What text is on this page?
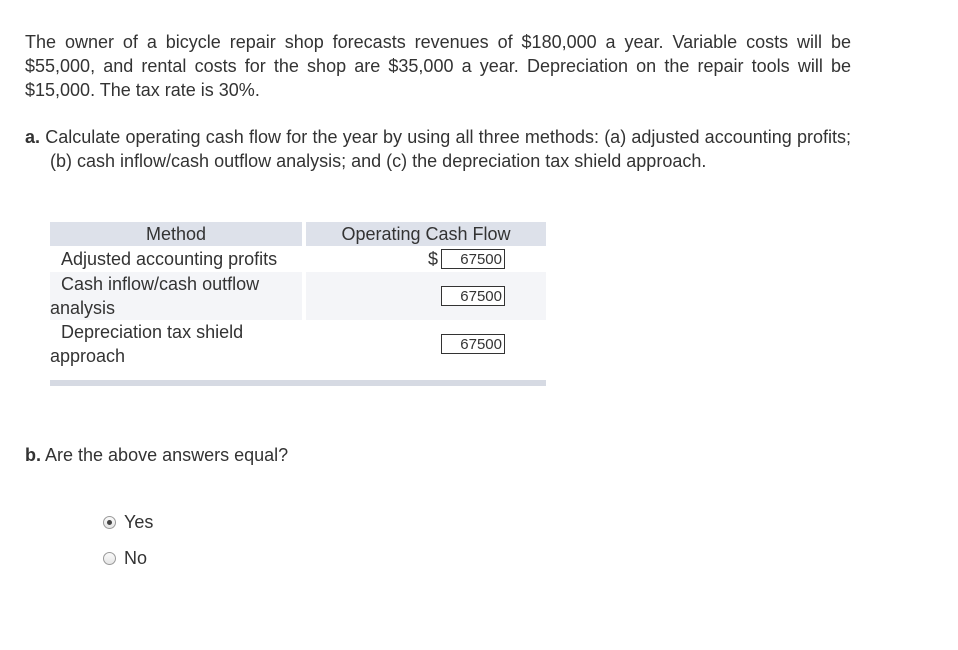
The owner of a bicycle repair shop forecasts revenues of $180,000 a year. Variable costs will be $55,000, and rental costs for the shop are $35,000 a year. Depreciation on the repair tools will be $15,000. The tax rate is 30%.

a. Calculate operating cash flow for the year by using all three methods: (a) adjusted accounting profits; (b) cash inflow/cash outflow analysis; and (c) the depreciation tax shield approach.

Method		Operating Cash Flow
Adjusted accounting profits		$ 67500

Cash inflow/cash outflow
analysis		67500

Depreciation tax shield
approach		67500

b. Are the above answers equal?

Yes
No
